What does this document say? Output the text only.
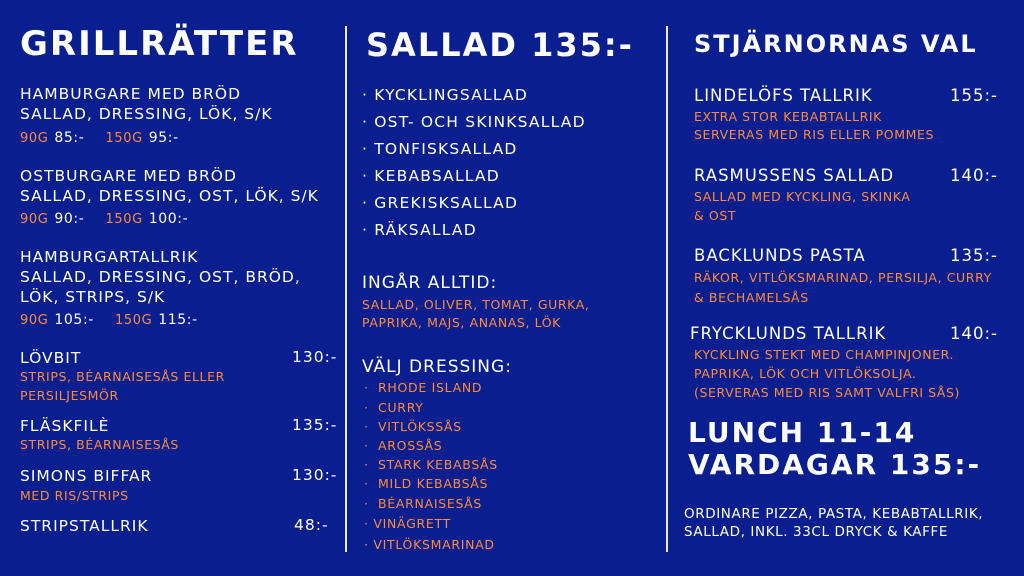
GRILLRÄTTER
HAMBURGARE MED BRÖD
SALLAD, DRESSING, LÖK, S/K
90G 85:- 150G 95:-
OSTBURGARE MED BRÖD
SALLAD, DRESSING, OST, LÖK, S/K
90G 90:- 150G 100:-
HAMBURGARTALLRIK
SALLAD, DRESSING, OST, BRÖD,
LÖK, STRIPS, S/K
90G 105:- 150G 115:-
LÖVBIT	130:-
STRIPS, BÉARNAISESÅS ELLER
PERSILJESMÖR
FLÄSKFILÈ	135:-
STRIPS, BÉARNAISESÅS
SIMONS BIFFAR	130:-
MED RIS/STRIPS
STRIPSTALLRIK	48:-
SALLAD 135:-
· KYCKLINGSALLAD
· OST- OCH SKINKSALLAD
· TONFISKSALLAD
· KEBABSALLAD
· GREKISKSALLAD
· RÄKSALLAD
INGÅR ALLTID:
SALLAD, OLIVER, TOMAT, GURKA,
PAPRIKA, MAJS, ANANAS, LÖK
VÄLJ DRESSING:
·  RHODE ISLAND
·  CURRY
·  VITLÖKSSÅS
·  AROSSÅS
·  STARK KEBABSÅS
·  MILD KEBABSÅS
·  BÉARNAISESÅS
· VINÄGRETT
· VITLÖKSMARINAD
STJÄRNORNAS VAL
LINDELÖFS TALLRIK	155:-
EXTRA STOR KEBABTALLRIK
SERVERAS MED RIS ELLER POMMES
RASMUSSENS SALLAD	140:-
SALLAD MED KYCKLING, SKINKA
& OST
BACKLUNDS PASTA	135:-
RÄKOR, VITLÖKSMARINAD, PERSILJA, CURRY
& BECHAMELSÅS
FRYCKLUNDS TALLRIK	140:-
KYCKLING STEKT MED CHAMPINJONER.
PAPRIKA, LÖK OCH VITLÖKSOLJA.
(SERVERAS MED RIS SAMT VALFRI SÅS)
LUNCH 11-14
VARDAGAR 135:-
ORDINARE PIZZA, PASTA, KEBABTALLRIK,
SALLAD, INKL. 33CL DRYCK & KAFFE
